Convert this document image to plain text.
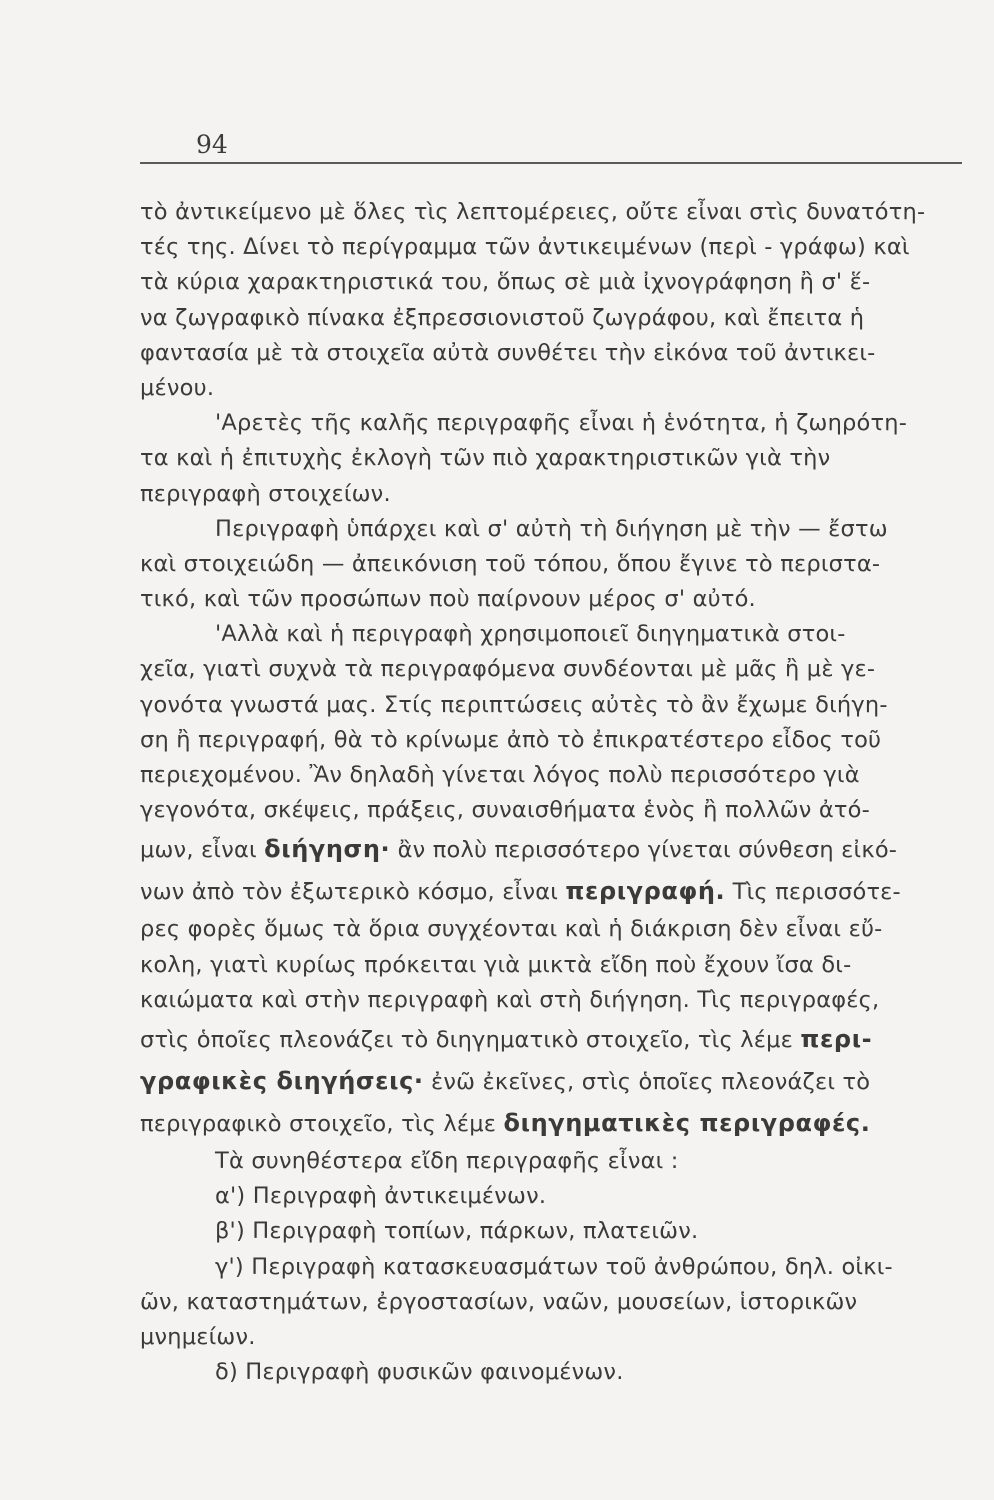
94
τὸ ἀντικείμενο μὲ ὅλες τὶς λεπτομέρειες, οὔτε εἶναι στὶς δυνατότη-
τές της. Δίνει τὸ περίγραμμα τῶν ἀντικειμένων (περὶ - γράφω) καὶ
τὰ κύρια χαρακτηριστικά του, ὅπως σὲ μιὰ ἰχνογράφηση ἢ σ' ἕ-
να ζωγραφικὸ πίνακα ἐξπρεσσιονιστοῦ ζωγράφου, καὶ ἔπειτα ἡ
φαντασία μὲ τὰ στοιχεῖα αὐτὰ συνθέτει τὴν εἰκόνα τοῦ ἀντικει-
μένου.
'Αρετὲς τῆς καλῆς περιγραφῆς εἶναι ἡ ἑνότητα, ἡ ζωηρότη-
τα καὶ ἡ ἐπιτυχὴς ἐκλογὴ τῶν πιὸ χαρακτηριστικῶν γιὰ τὴν
περιγραφὴ στοιχείων.
Περιγραφὴ ὑπάρχει καὶ σ' αὐτὴ τὴ διήγηση μὲ τὴν — ἔστω
καὶ στοιχειώδη — ἀπεικόνιση τοῦ τόπου, ὅπου ἔγινε τὸ περιστα-
τικό, καὶ τῶν προσώπων ποὺ παίρνουν μέρος σ' αὐτό.
'Αλλὰ καὶ ἡ περιγραφὴ χρησιμοποιεῖ διηγηματικὰ στοι-
χεῖα, γιατὶ συχνὰ τὰ περιγραφόμενα συνδέονται μὲ μᾶς ἢ μὲ γε-
γονότα γνωστά μας. Στίς περιπτώσεις αὐτὲς τὸ ἂν ἔχωμε διήγη-
ση ἢ περιγραφή, θὰ τὸ κρίνωμε ἀπὸ τὸ ἐπικρατέστερο εἶδος τοῦ
περιεχομένου. Ἂν δηλαδὴ γίνεται λόγος πολὺ περισσότερο γιὰ
γεγονότα, σκέψεις, πράξεις, συναισθήματα ἑνὸς ἢ πολλῶν ἀτό-
μων, εἶναι διήγηση· ἂν πολὺ περισσότερο γίνεται σύνθεση εἰκό-
νων ἀπὸ τὸν ἐξωτερικὸ κόσμο, εἶναι περιγραφή. Τὶς περισσότε-
ρες φορὲς ὅμως τὰ ὅρια συγχέονται καὶ ἡ διάκριση δὲν εἶναι εὔ-
κολη, γιατὶ κυρίως πρόκειται γιὰ μικτὰ εἴδη ποὺ ἔχουν ἴσα δι-
καιώματα καὶ στὴν περιγραφὴ καὶ στὴ διήγηση. Τὶς περιγραφές,
στὶς ὁποῖες πλεονάζει τὸ διηγηματικὸ στοιχεῖο, τὶς λέμε περι-
γραφικὲς διηγήσεις· ἐνῶ ἐκεῖνες, στὶς ὁποῖες πλεονάζει τὸ
περιγραφικὸ στοιχεῖο, τὶς λέμε διηγηματικὲς περιγραφές.
Τὰ συνηθέστερα εἴδη περιγραφῆς εἶναι :
α') Περιγραφὴ ἀντικειμένων.
β') Περιγραφὴ τοπίων, πάρκων, πλατειῶν.
γ') Περιγραφὴ κατασκευασμάτων τοῦ ἀνθρώπου, δηλ. οἰκι-
ῶν, καταστημάτων, ἐργοστασίων, ναῶν, μουσείων, ἱστορικῶν
μνημείων.
δ) Περιγραφὴ φυσικῶν φαινομένων.
